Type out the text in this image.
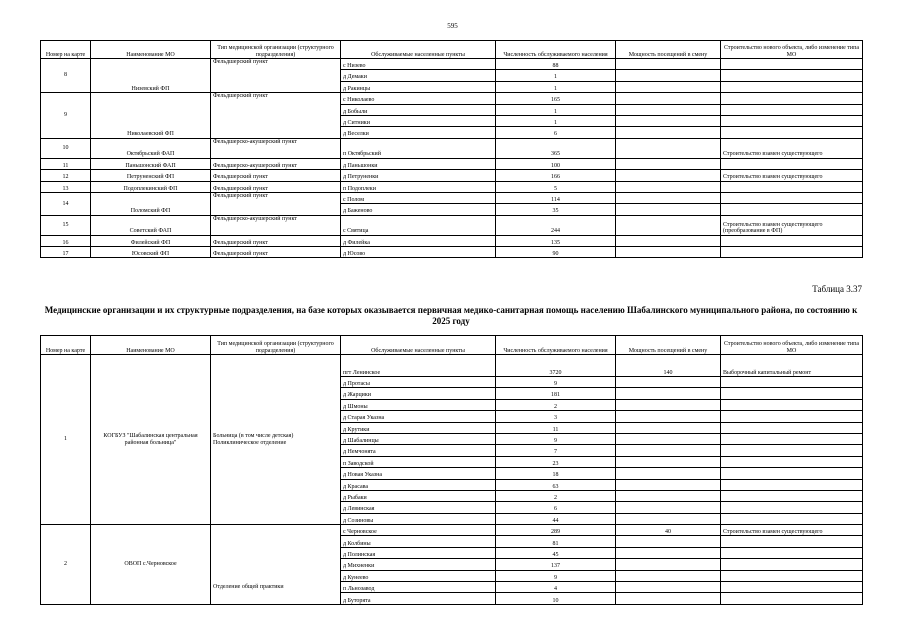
595
Номер на карте	Наименование МО	Тип медицинской организации (структурного подразделения)	Обслуживаемые населенные пункты	Численность обслуживаемого населения	Мощность посещений в смену	Строительство нового объекта, либо изменение типа МО
8	Низевский ФП	Фельдшерский пункт	с Низево	88		
			д Демаки	1		
			д Ракинцы	1		
9	Николаевский ФП	Фельдшерский пункт	с Николаево	165		
			д Бобыли	1		
			д Ситники	1		
			д Веселки	6		
10	Октябрьский ФАП	Фельдшерско-акушерский пункт	п Октябрьский	365		Строительство взамен существующего
11	Паньшонский ФАП	Фельдшерско-акушерский пункт	д Паньшонки	100		
12	Петруненский ФП	Фельдшерский пункт	д Петруненки	166		Строительство взамен существующего
13	Подоплекинский ФП	Фельдшерский пункт	п Подоплеки	5		
14	Поломский ФП	Фельдшерский пункт	с Полом	114		
			д Баженово	35		
15	Советский ФАП	Фельдшерско-акушерский пункт	с Святица	244		Строительство взамен существующего (преобразование в ФП)
16	Филейский ФП	Фельдшерский пункт	д Филейка	135		
17	Юсовский ФП	Фельдшерский пункт	д Юсово	90		
Таблица 3.37
Медицинские организации и их структурные подразделения, на базе которых оказывается первичная медико-санитарная помощь населению Шабалинского муниципального района, по состоянию к 2025 году
Номер на карте	Наименование МО	Тип медицинской организации (структурного подразделения)	Обслуживаемые населенные пункты	Численность обслуживаемого населения	Мощность посещений в смену	Строительство нового объекта, либо изменение типа МО
1	КОГБУЗ "Шабалинская центральная районная больница"	Больница (в том числе детская) Поликлиническое отделение	пгт Ленинское	3720	140	Выборочный капитальный ремонт
			д Протасы	9		
			д Жарцики	181		
			д Шмоны	2		
			д Старая Указна	3		
			д Крутики	11		
			д Шабалинцы	9		
			д Немчонята	7		
			п Заводской	23		
			д Новая Указна	18		
			д Красава	63		
			д Рыбаки	2		
			д Левинская	6		
			д Созиновы	44		
2	ОВОП с.Черновское	Отделение общей практики	с Черновское	289	40	Строительство взамен существующего
			д Колбины	81		
			д Полинская	45		
			д Михненки	137		
			д Кунеево	9		
			п Льнозавод	4		
			д Буторята	10		
